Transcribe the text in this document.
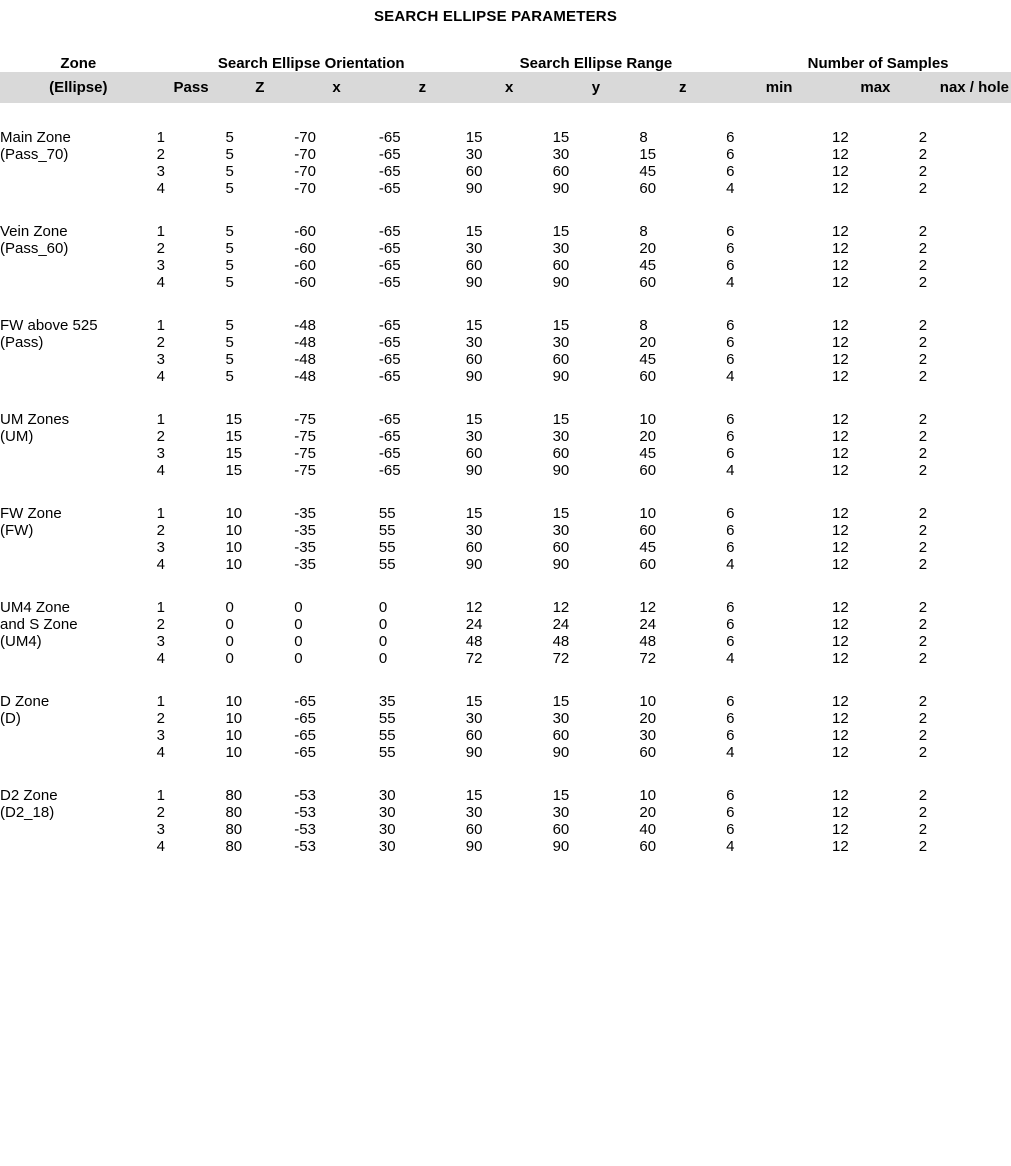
SEARCH ELLIPSE PARAMETERS
Zone	Search Ellipse Orientation				Search Ellipse Range			Number of Samples		
(Ellipse)	Pass	Z	x	z	x	y	z	min	max	nax / hole

Main Zone	1	5	-70	-65	15	15	8	6	12	2
(Pass_70)	2	5	-70	-65	30	30	15	6	12	2
	3	5	-70	-65	60	60	45	6	12	2
	4	5	-70	-65	90	90	60	4	12	2

Vein Zone	1	5	-60	-65	15	15	8	6	12	2
(Pass_60)	2	5	-60	-65	30	30	20	6	12	2
	3	5	-60	-65	60	60	45	6	12	2
	4	5	-60	-65	90	90	60	4	12	2

FW above 525	1	5	-48	-65	15	15	8	6	12	2
(Pass)	2	5	-48	-65	30	30	20	6	12	2
	3	5	-48	-65	60	60	45	6	12	2
	4	5	-48	-65	90	90	60	4	12	2

UM Zones	1	15	-75	-65	15	15	10	6	12	2
(UM)	2	15	-75	-65	30	30	20	6	12	2
	3	15	-75	-65	60	60	45	6	12	2
	4	15	-75	-65	90	90	60	4	12	2

FW Zone	1	10	-35	55	15	15	10	6	12	2
(FW)	2	10	-35	55	30	30	60	6	12	2
	3	10	-35	55	60	60	45	6	12	2
	4	10	-35	55	90	90	60	4	12	2

UM4 Zone	1	0	0	0	12	12	12	6	12	2
and S Zone	2	0	0	0	24	24	24	6	12	2
(UM4)	3	0	0	0	48	48	48	6	12	2
	4	0	0	0	72	72	72	4	12	2

D Zone	1	10	-65	35	15	15	10	6	12	2
(D)	2	10	-65	55	30	30	20	6	12	2
	3	10	-65	55	60	60	30	6	12	2
	4	10	-65	55	90	90	60	4	12	2

D2 Zone	1	80	-53	30	15	15	10	6	12	2
(D2_18)	2	80	-53	30	30	30	20	6	12	2
	3	80	-53	30	60	60	40	6	12	2
	4	80	-53	30	90	90	60	4	12	2
